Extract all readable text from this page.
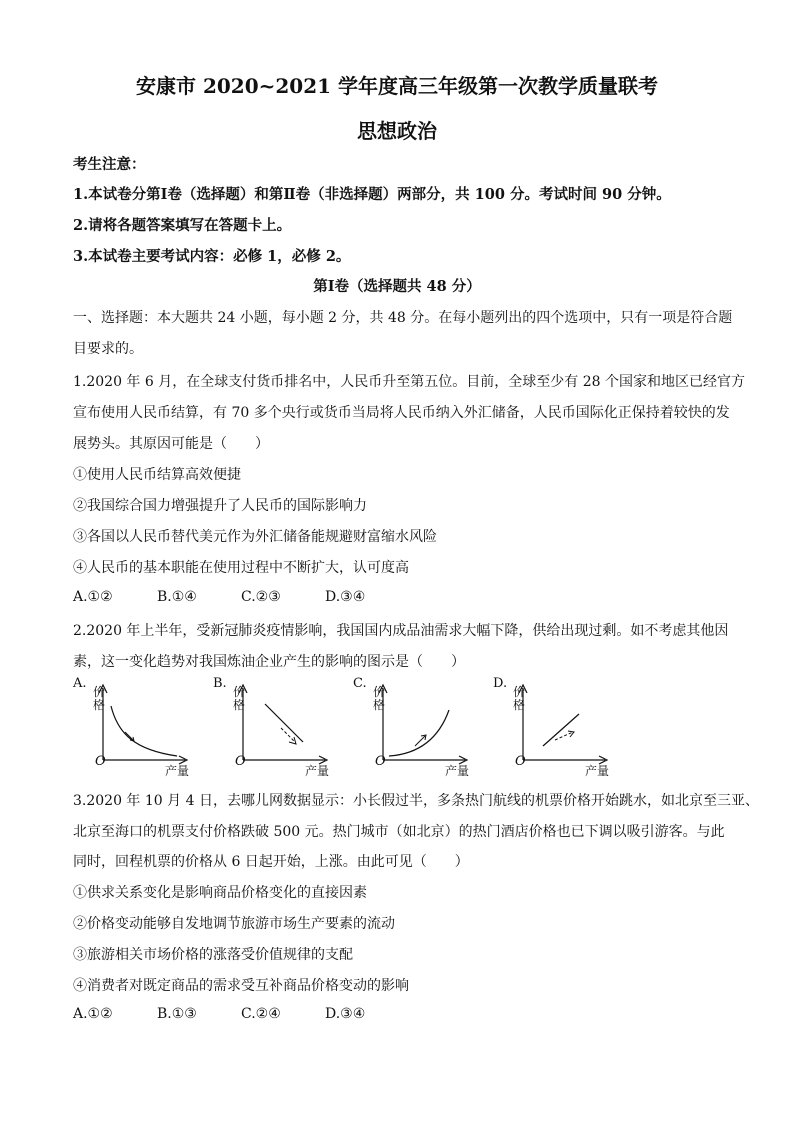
安康市 2020~2021 学年度高三年级第一次教学质量联考
思想政治
考生注意：
1.本试卷分第Ⅰ卷（选择题）和第Ⅱ卷（非选择题）两部分，共 100 分。考试时间 90 分钟。
2.请将各题答案填写在答题卡上。
3.本试卷主要考试内容：必修 1，必修 2。
第Ⅰ卷（选择题共 48 分）
一、选择题：本大题共 24 小题，每小题 2 分，共 48 分。在每小题列出的四个选项中，只有一项是符合题
目要求的。
1.2020 年 6 月，在全球支付货币排名中，人民币升至第五位。目前，全球至少有 28 个国家和地区已经官方
宣布使用人民币结算，有 70 多个央行或货币当局将人民币纳入外汇储备，人民币国际化正保持着较快的发
展势头。其原因可能是（　　）
①使用人民币结算高效便捷
②我国综合国力增强提升了人民币的国际影响力
③各国以人民币替代美元作为外汇储备能规避财富缩水风险
④人民币的基本职能在使用过程中不断扩大，认可度高
A.①②	B.①④	C.②③	D.③④
2.2020 年上半年，受新冠肺炎疫情影响，我国国内成品油需求大幅下降，供给出现过剩。如不考虑其他因
素，这一变化趋势对我国炼油企业产生的影响的图示是（　　）
A.
价格
O
产量
B.
价格
O
产量
C.
价格
O
产量
D.
价格
O
产量
3.2020 年 10 月 4 日，去哪儿网数据显示：小长假过半，多条热门航线的机票价格开始跳水，如北京至三亚、
北京至海口的机票支付价格跌破 500 元。热门城市（如北京）的热门酒店价格也已下调以吸引游客。与此
同时，回程机票的价格从 6 日起开始，上涨。由此可见（　　）
①供求关系变化是影响商品价格变化的直接因素
②价格变动能够自发地调节旅游市场生产要素的流动
③旅游相关市场价格的涨落受价值规律的支配
④消费者对既定商品的需求受互补商品价格变动的影响
A.①②	B.①③	C.②④	D.③④
